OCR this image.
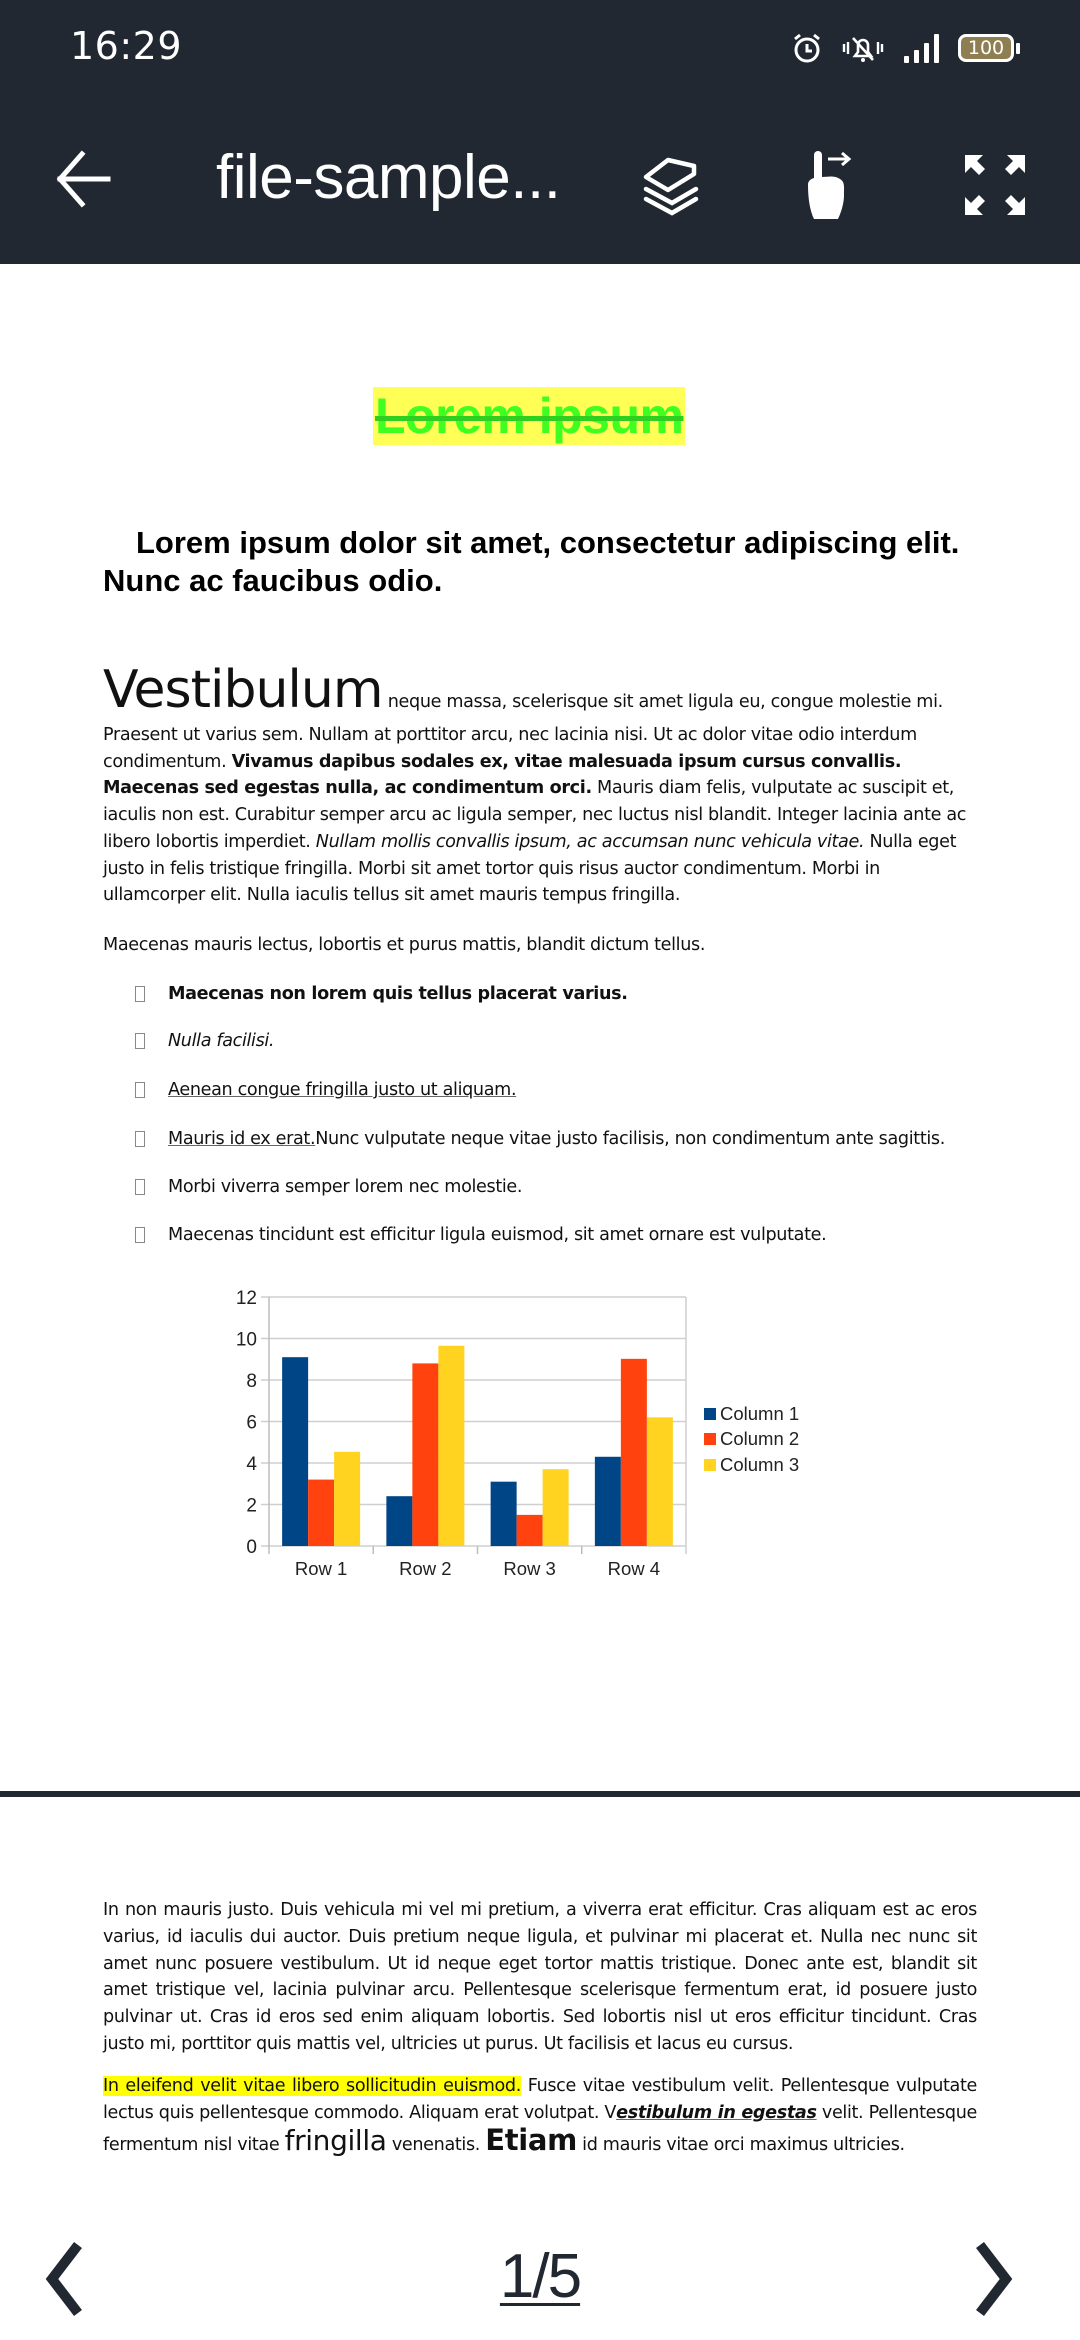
16:29	100
file-sample...
Lorem ipsum
Lorem ipsum dolor sit amet, consectetur adipiscing elit. Nunc ac faucibus odio.
Vestibulum neque massa, scelerisque sit amet ligula eu, congue molestie mi.
Praesent ut varius sem. Nullam at porttitor arcu, nec lacinia nisi. Ut ac dolor vitae odio interdum condimentum. Vivamus dapibus sodales ex, vitae malesuada ipsum cursus convallis. Maecenas sed egestas nulla, ac condimentum orci. Mauris diam felis, vulputate ac suscipit et, iaculis non est. Curabitur semper arcu ac ligula semper, nec luctus nisl blandit. Integer lacinia ante ac libero lobortis imperdiet. Nullam mollis convallis ipsum, ac accumsan nunc vehicula vitae. Nulla eget justo in felis tristique fringilla. Morbi sit amet tortor quis risus auctor condimentum. Morbi in ullamcorper elit. Nulla iaculis tellus sit amet mauris tempus fringilla.
Maecenas mauris lectus, lobortis et purus mattis, blandit dictum tellus.
Maecenas non lorem quis tellus placerat varius.
Nulla facilisi.
Aenean congue fringilla justo ut aliquam.
Mauris id ex erat. Nunc vulputate neque vitae justo facilisis, non condimentum ante sagittis.
Morbi viverra semper lorem nec molestie.
Maecenas tincidunt est efficitur ligula euismod, sit amet ornare est vulputate.
0
2
4
6
8
10
12
Row 1	Row 2	Row 3	Row 4
Column 1
Column 2
Column 3
In non mauris justo. Duis vehicula mi vel mi pretium, a viverra erat efficitur. Cras aliquam est ac eros varius, id iaculis dui auctor. Duis pretium neque ligula, et pulvinar mi placerat et. Nulla nec nunc sit amet nunc posuere vestibulum. Ut id neque eget tortor mattis tristique. Donec ante est, blandit sit amet tristique vel, lacinia pulvinar arcu. Pellentesque scelerisque fermentum erat, id posuere justo pulvinar ut. Cras id eros sed enim aliquam lobortis. Sed lobortis nisl ut eros efficitur tincidunt. Cras justo mi, porttitor quis mattis vel, ultricies ut purus. Ut facilisis et lacus eu cursus.
In eleifend velit vitae libero sollicitudin euismod. Fusce vitae vestibulum velit. Pellentesque vulputate lectus quis pellentesque commodo. Aliquam erat volutpat. Vestibulum in egestas velit. Pellentesque fermentum nisl vitae fringilla venenatis. Etiam id mauris vitae orci maximus ultricies.
1/5
